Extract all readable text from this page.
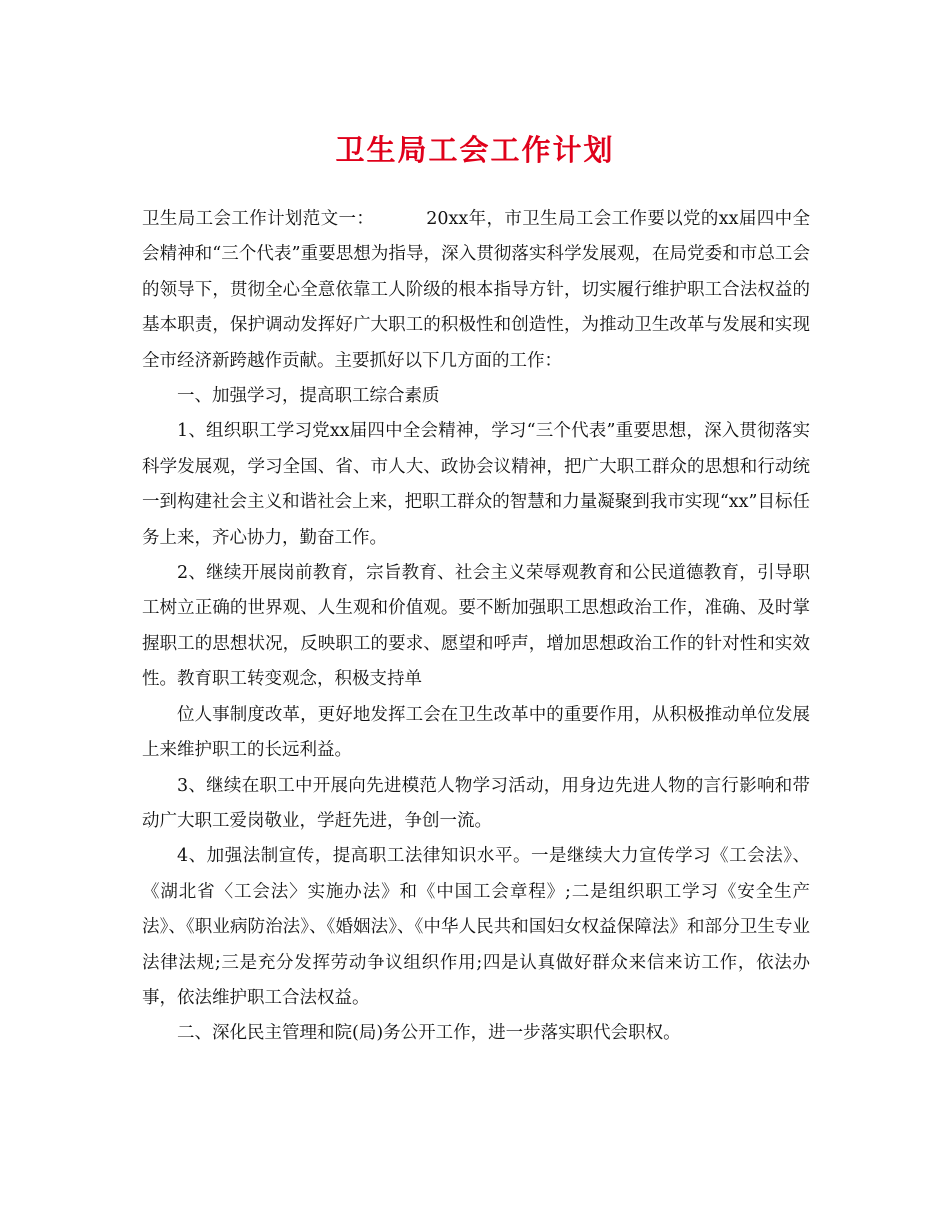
卫生局工会工作计划

卫生局工会工作计划范文一：	20xx年，市卫生局工会工作要以党的xx届四中全会精神和“三个代表”重要思想为指导，深入贯彻落实科学发展观，在局党委和市总工会的领导下，贯彻全心全意依靠工人阶级的根本指导方针，切实履行维护职工合法权益的基本职责，保护调动发挥好广大职工的积极性和创造性，为推动卫生改革与发展和实现全市经济新跨越作贡献。主要抓好以下几方面的工作：

一、加强学习，提高职工综合素质

1、组织职工学习党xx届四中全会精神，学习“三个代表”重要思想，深入贯彻落实科学发展观，学习全国、省、市人大、政协会议精神，把广大职工群众的思想和行动统一到构建社会主义和谐社会上来，把职工群众的智慧和力量凝聚到我市实现“xx”目标任务上来，齐心协力，勤奋工作。

2、继续开展岗前教育，宗旨教育、社会主义荣辱观教育和公民道德教育，引导职工树立正确的世界观、人生观和价值观。要不断加强职工思想政治工作，准确、及时掌握职工的思想状况，反映职工的要求、愿望和呼声，增加思想政治工作的针对性和实效性。教育职工转变观念，积极支持单

位人事制度改革，更好地发挥工会在卫生改革中的重要作用，从积极推动单位发展上来维护职工的长远利益。

3、继续在职工中开展向先进模范人物学习活动，用身边先进人物的言行影响和带动广大职工爱岗敬业，学赶先进，争创一流。

4、加强法制宣传，提高职工法律知识水平。一是继续大力宣传学习《工会法》、《湖北省〈工会法〉实施办法》和《中国工会章程》;二是组织职工学习《安全生产法》、《职业病防治法》、《婚姻法》、《中华人民共和国妇女权益保障法》和部分卫生专业法律法规;三是充分发挥劳动争议组织作用;四是认真做好群众来信来访工作，依法办事，依法维护职工合法权益。

二、深化民主管理和院(局)务公开工作，进一步落实职代会职权。
